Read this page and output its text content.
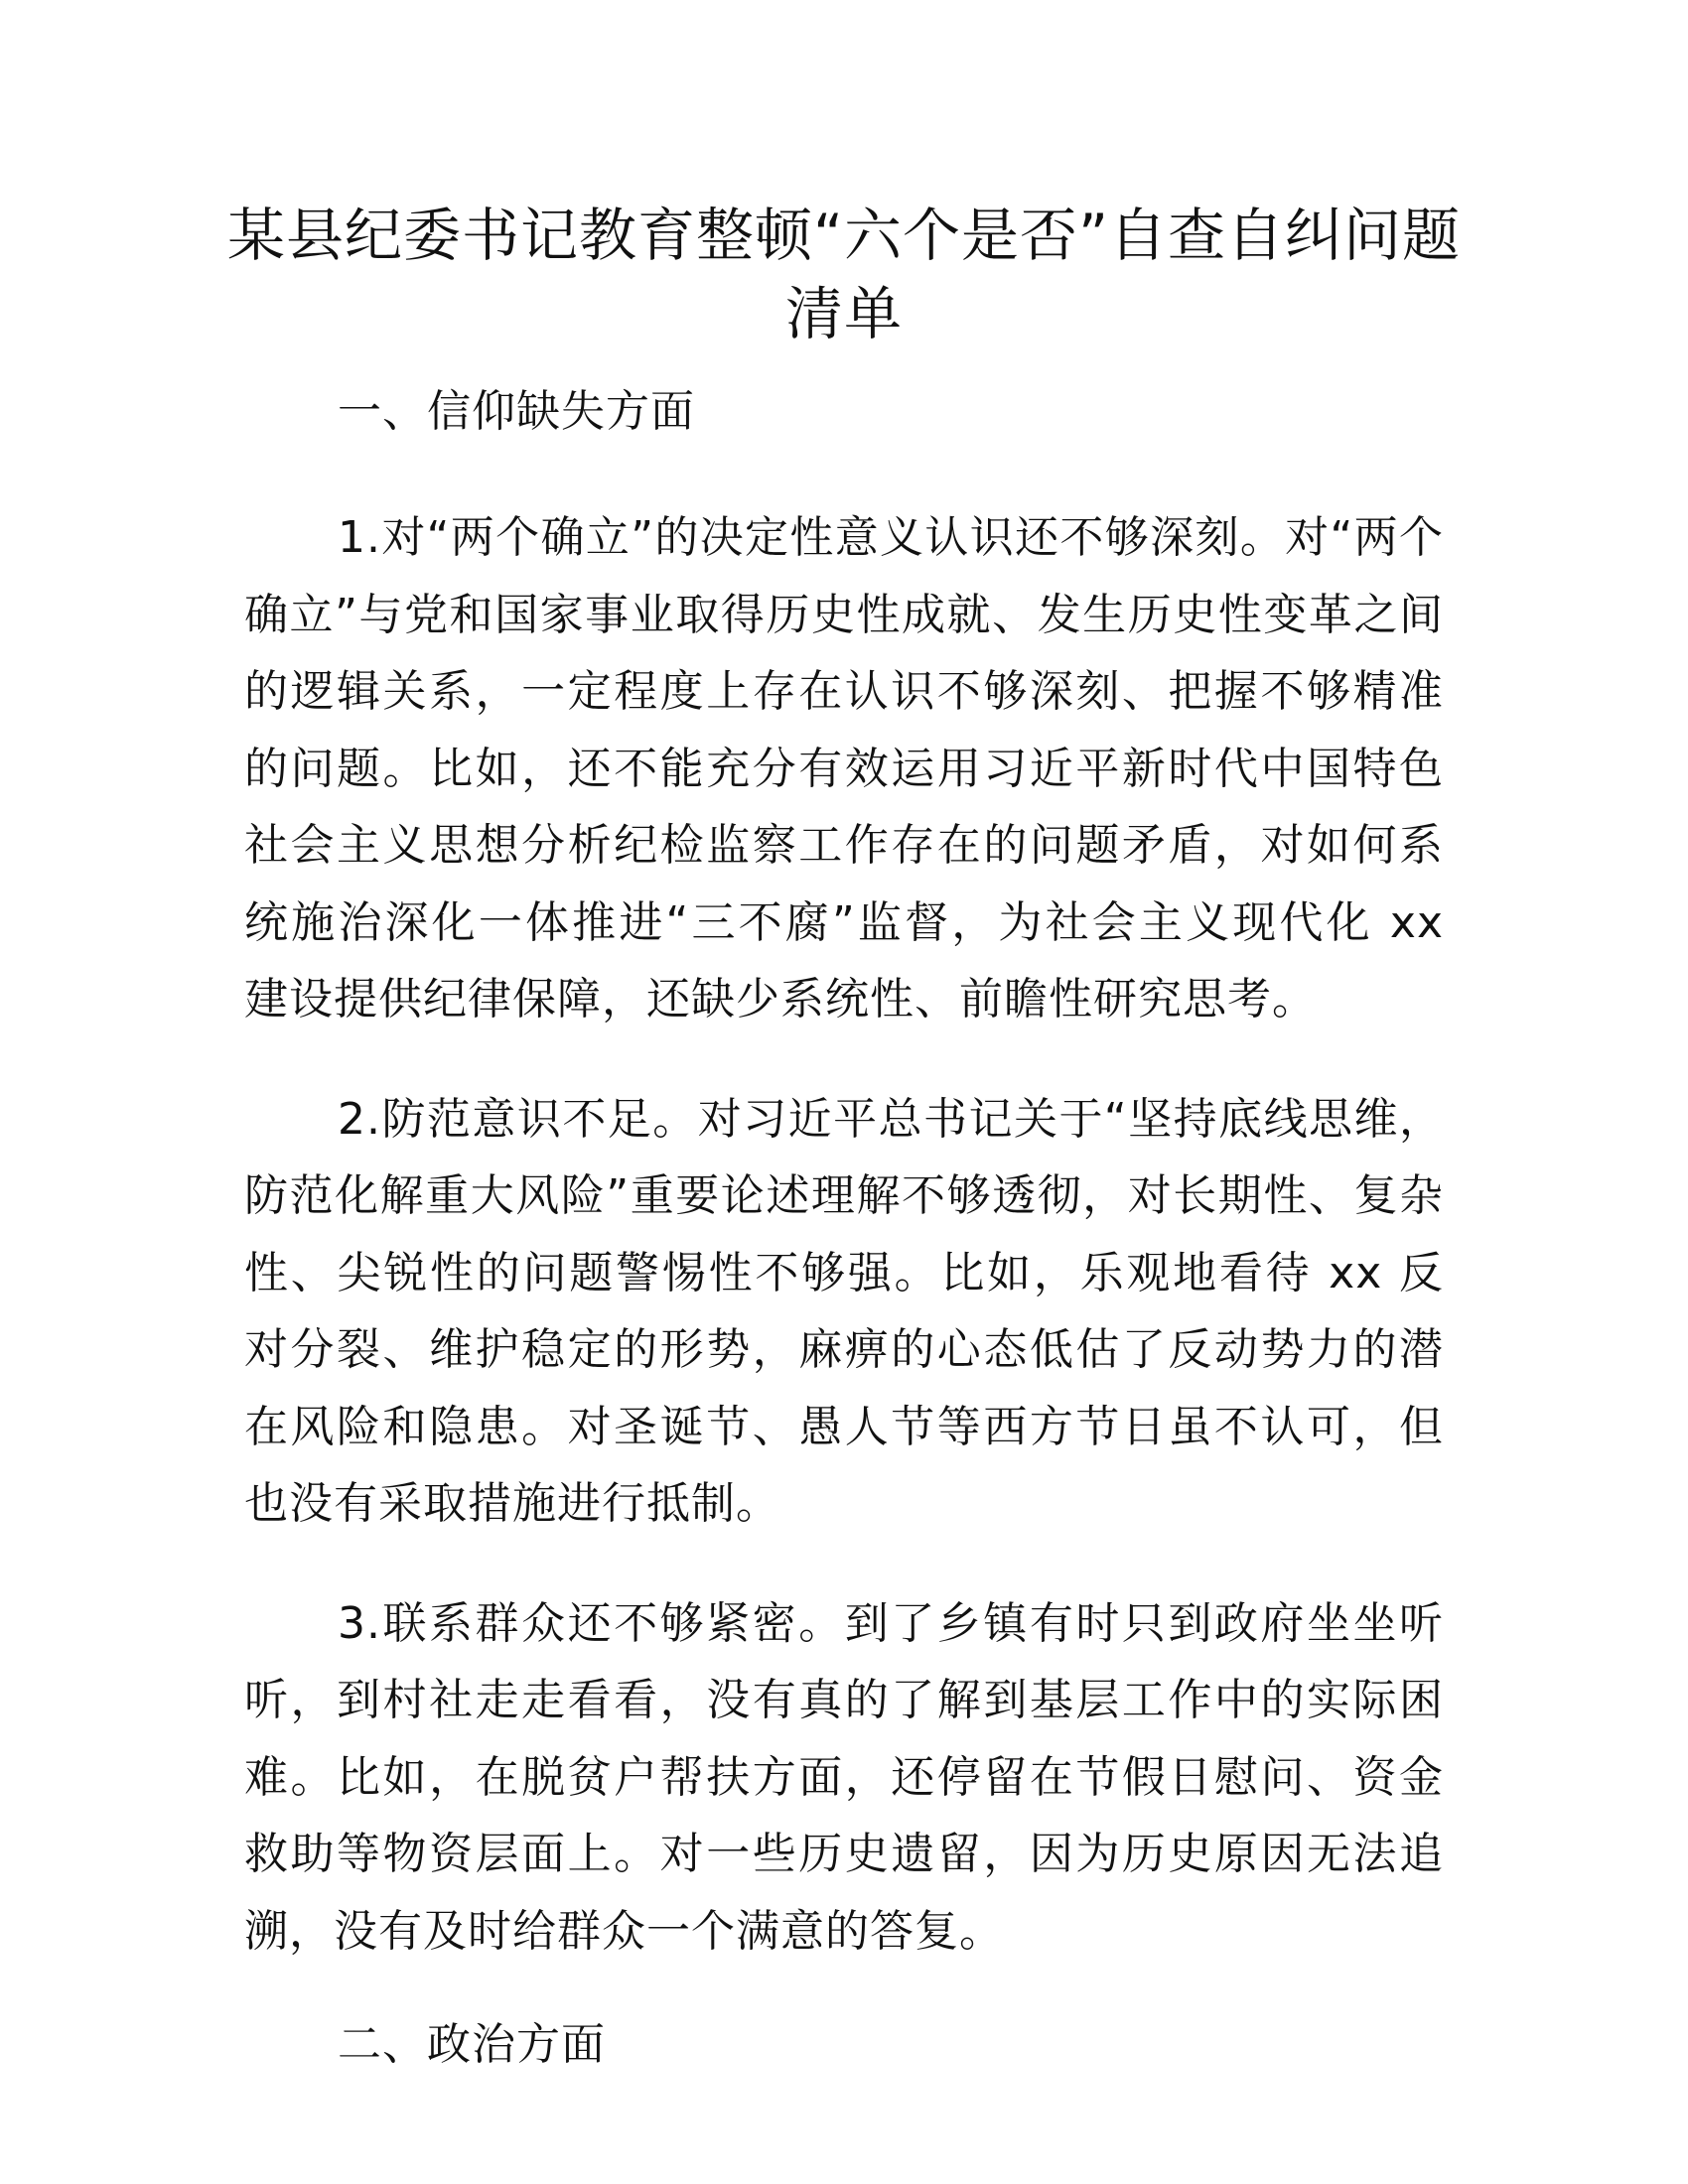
某县纪委书记教育整顿“六个是否”自查自纠问题清单
一、信仰缺失方面

1.对“两个确立”的决定性意义认识还不够深刻。对“两个确立”与党和国家事业取得历史性成就、发生历史性变革之间的逻辑关系，一定程度上存在认识不够深刻、把握不够精准的问题。比如，还不能充分有效运用习近平新时代中国特色社会主义思想分析纪检监察工作存在的问题矛盾，对如何系统施治深化一体推进“三不腐”监督，为社会主义现代化 xx 建设提供纪律保障，还缺少系统性、前瞻性研究思考。

2.防范意识不足。对习近平总书记关于“坚持底线思维，防范化解重大风险”重要论述理解不够透彻，对长期性、复杂性、尖锐性的问题警惕性不够强。比如，乐观地看待 xx 反对分裂、维护稳定的形势，麻痹的心态低估了反动势力的潜在风险和隐患。对圣诞节、愚人节等西方节日虽不认可，但也没有采取措施进行抵制。

3.联系群众还不够紧密。到了乡镇有时只到政府坐坐听听，到村社走走看看，没有真的了解到基层工作中的实际困难。比如，在脱贫户帮扶方面，还停留在节假日慰问、资金救助等物资层面上。对一些历史遗留，因为历史原因无法追溯，没有及时给群众一个满意的答复。

二、政治方面
